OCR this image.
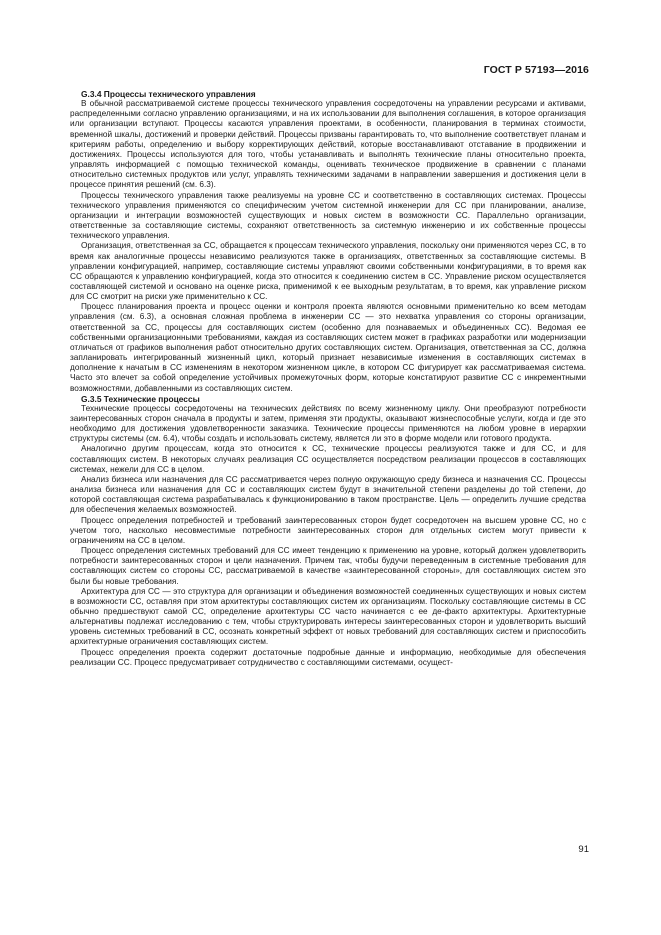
ГОСТ Р 57193—2016
G.3.4 Процессы технического управления

В обычной рассматриваемой системе процессы технического управления сосредоточены на управлении ресурсами и активами, распределенными согласно управлению организациями, и на их использовании для выполнения соглашения, в которое организация или организации вступают. Процессы касаются управления проектами, в особенности, планирования в терминах стоимости, временной шкалы, достижений и проверки действий. Процессы призваны гарантировать то, что выполнение соответствует планам и критериям работы, определению и выбору корректирующих действий, которые восстанавливают отставание в продвижении и достижениях. Процессы используются для того, чтобы устанавливать и выполнять технические планы относительно проекта, управлять информацией с помощью технической команды, оценивать техническое продвижение в сравнении с планами относительно системных продуктов или услуг, управлять техническими задачами в направлении завершения и достижения цели в процессе принятия решений (см. 6.3).

Процессы технического управления также реализуемы на уровне СС и соответственно в составляющих системах. Процессы технического управления применяются со специфическим учетом системной инженерии для СС при планировании, анализе, организации и интеграции возможностей существующих и новых систем в возможности СС. Параллельно организации, ответственные за составляющие системы, сохраняют ответственность за системную инженерию и их собственные процессы технического управления.

Организация, ответственная за СС, обращается к процессам технического управления, поскольку они применяются через СС, в то время как аналогичные процессы независимо реализуются также в организациях, ответственных за составляющие системы. В управлении конфигурацией, например, составляющие системы управляют своими собственными конфигурациями, в то время как СС обращаются к управлению конфигурацией, когда это относится к соединению систем в СС. Управление риском осуществляется составляющей системой и основано на оценке риска, применимой к ее выходным результатам, в то время, как управление риском для СС смотрит на риски уже применительно к СС.

Процесс планирования проекта и процесс оценки и контроля проекта являются основными применительно ко всем методам управления (см. 6.3), а основная сложная проблема в инженерии СС — это нехватка управления со стороны организации, ответственной за СС, процессы для составляющих систем (особенно для познаваемых и объединенных СС). Ведомая ее собственными организационными требованиями, каждая из составляющих систем может в графиках разработки или модернизации отличаться от графиков выполнения работ относительно других составляющих систем. Организация, ответственная за СС, должна запланировать интегрированный жизненный цикл, который признает независимые изменения в составляющих системах в дополнение к начатым в СС изменениям в некотором жизненном цикле, в котором СС фигурирует как рассматриваемая система. Часто это влечет за собой определение устойчивых промежуточных форм, которые констатируют развитие СС с инкрементными возможностями, добавленными из составляющих систем.

G.3.5 Технические процессы

Технические процессы сосредоточены на технических действиях по всему жизненному циклу. Они преобразуют потребности заинтересованных сторон сначала в продукты и затем, применяя эти продукты, оказывают жизнеспособные услуги, когда и где это необходимо для достижения удовлетворенности заказчика. Технические процессы применяются на любом уровне в иерархии структуры системы (см. 6.4), чтобы создать и использовать систему, является ли это в форме модели или готового продукта.

Аналогично другим процессам, когда это относится к СС, технические процессы реализуются также и для СС, и для составляющих систем. В некоторых случаях реализация СС осуществляется посредством реализации процессов в составляющих системах, нежели для СС в целом.

Анализ бизнеса или назначения для СС рассматривается через полную окружающую среду бизнеса и назначения СС. Процессы анализа бизнеса или назначения для СС и составляющих систем будут в значительной степени разделены до той степени, до которой составляющая система разрабатывалась к функционированию в таком пространстве. Цель — определить лучшие средства для обеспечения желаемых возможностей.

Процесс определения потребностей и требований заинтересованных сторон будет сосредоточен на высшем уровне СС, но с учетом того, насколько несовместимые потребности заинтересованных сторон для отдельных систем могут привести к ограничениям на СС в целом.

Процесс определения системных требований для СС имеет тенденцию к применению на уровне, который должен удовлетворить потребности заинтересованных сторон и цели назначения. Причем так, чтобы будучи переведенным в системные требования для составляющих систем со стороны СС, рассматриваемой в качестве «заинтересованной стороны», для составляющих систем это были бы новые требования.

Архитектура для СС — это структура для организации и объединения возможностей соединенных существующих и новых систем в возможности СС, оставляя при этом архитектуры составляющих систем их организациям. Поскольку составляющие системы в СС обычно предшествуют самой СС, определение архитектуры СС часто начинается с ее де-факто архитектуры. Архитектурные альтернативы подлежат исследованию с тем, чтобы структурировать интересы заинтересованных сторон и удовлетворить высший уровень системных требований в СС, осознать конкретный эффект от новых требований для составляющих систем и приспособить архитектурные ограничения составляющих систем.

Процесс определения проекта содержит достаточные подробные данные и информацию, необходимые для обеспечения реализации СС. Процесс предусматривает сотрудничество с составляющими системами, осущест-

91
